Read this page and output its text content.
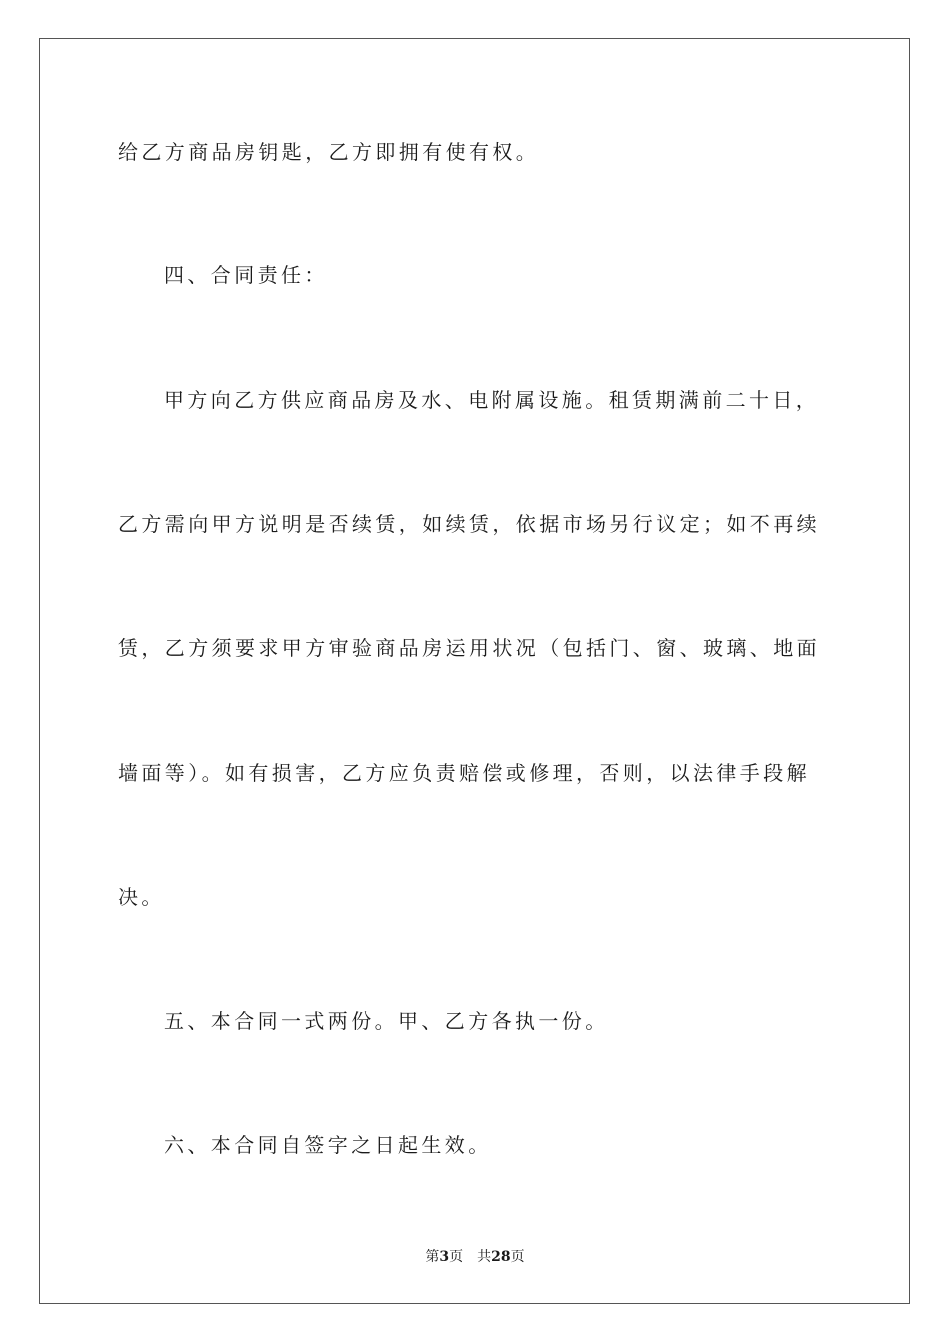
给乙方商品房钥匙，乙方即拥有使有权。
四、合同责任：
甲方向乙方供应商品房及水、电附属设施。租赁期满前二十日，
乙方需向甲方说明是否续赁，如续赁，依据市场另行议定；如不再续
赁，乙方须要求甲方审验商品房运用状况（包括门、窗、玻璃、地面
墙面等）。如有损害，乙方应负责赔偿或修理，否则，以法律手段解
决。
五、本合同一式两份。甲、乙方各执一份。
六、本合同自签字之日起生效。
第3页 共28页
